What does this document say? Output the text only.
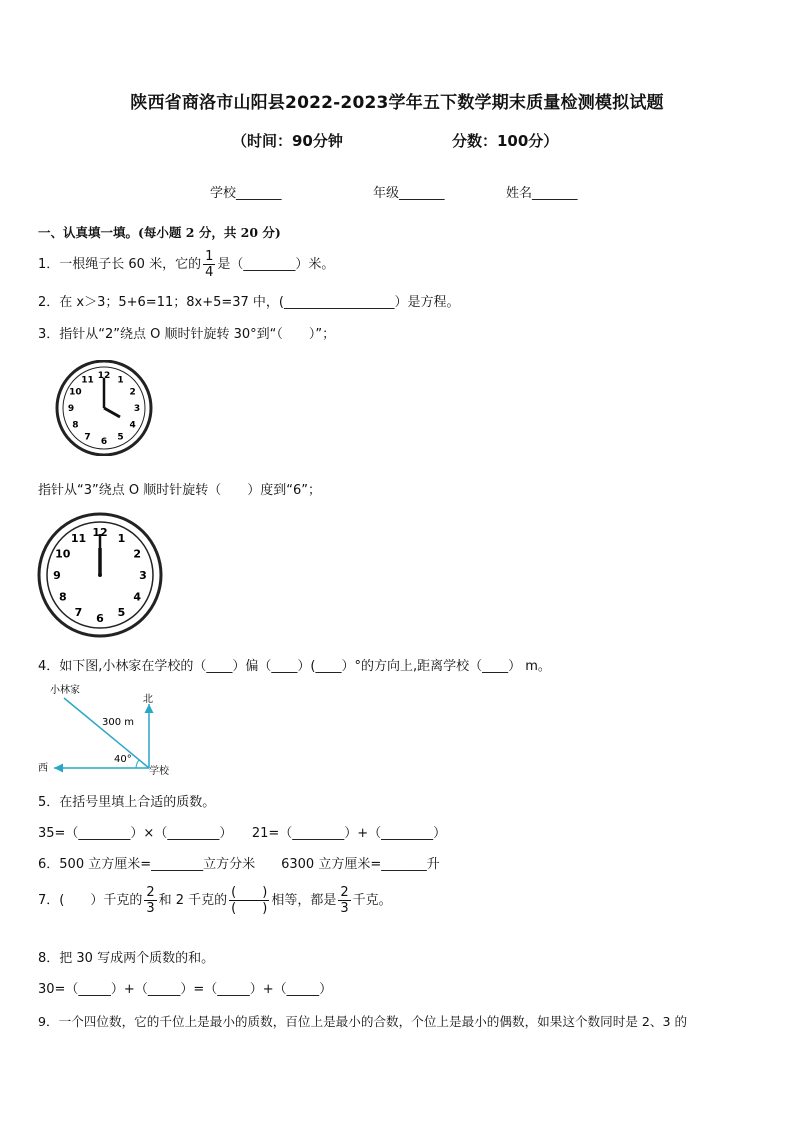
陕西省商洛市山阳县2022-2023学年五下数学期末质量检测模拟试题
（时间：90分钟	分数：100分）
学校_______	年级_______	姓名_______
一、认真填一填。(每小题 2 分，共 20 分)
1．一根绳子长 60 米，它的 $\frac{1}{4}$ 是（________）米。
2．在 x＞3；5+6=11；8x+5=37 中，(_________________）是方程。
3．指针从“2”绕点 O 顺时针旋转 30°到“（　　）”；
12 1
2
3
4
5
6
7
8
9
10
11
指针从“3”绕点 O 顺时针旋转（　　）度到“6”；
12 1
2
3
4
5
6
7
8
9
10
11
4．如下图,小林家在学校的（____）偏（____）(____）°的方向上,距离学校（____） m。
小林家
北
300 m
40°
西	学校
5．在括号里填上合适的质数。
35=（________）×（________）　　21=（________）+（________）
6．500 立方厘米=________立方分米　　6300 立方厘米=_______升
7．(　　）千克的 $\frac{2}{3}$ 和 2 千克的 $\frac{( )}{( )}$ 相等，都是 $\frac{2}{3}$ 千克。
8．把 30 写成两个质数的和。
30=（_____）+（_____）=（_____）+（_____）
9．一个四位数，它的千位上是最小的质数，百位上是最小的合数，个位上是最小的偶数，如果这个数同时是 2、3 的
